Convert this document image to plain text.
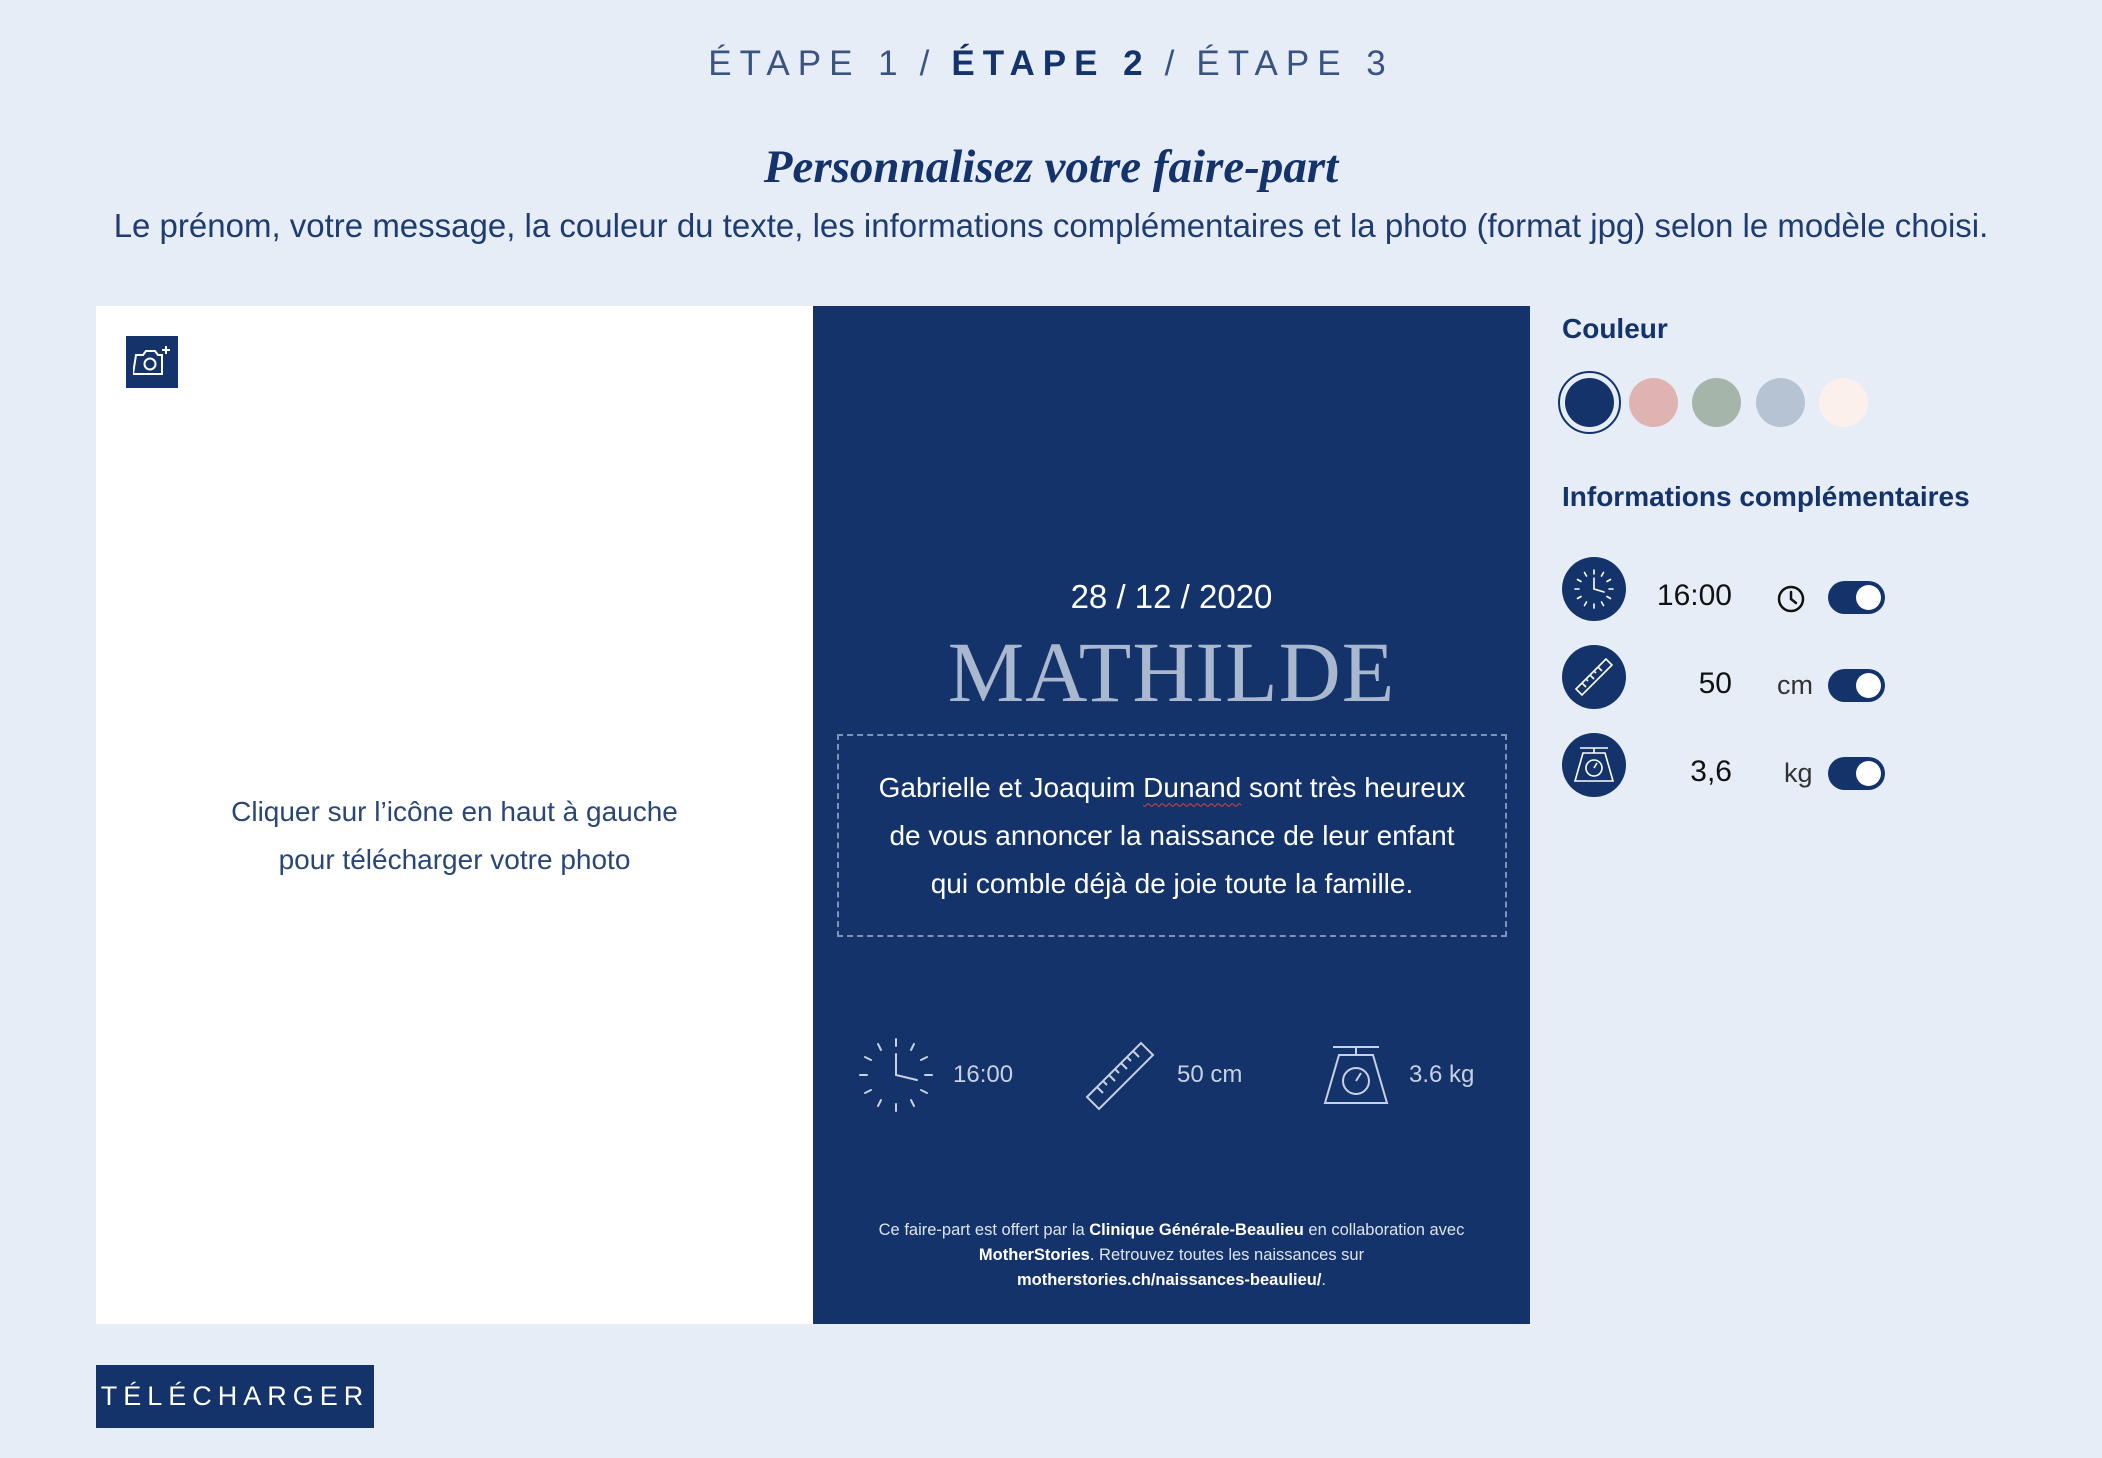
ÉTAPE 1 / ÉTAPE 2 / ÉTAPE 3
Personnalisez votre faire-part

Le prénom, votre message, la couleur du texte, les informations complémentaires et la photo (format jpg) selon le modèle choisi.

Cliquer sur l’icône en haut à gauche
pour télécharger votre photo
28 / 12 / 2020
MATHILDE
Gabrielle et Joaquim Dunand sont très heureux
de vous annoncer la naissance de leur enfant
qui comble déjà de joie toute la famille.
16:00	50 cm	3.6 kg
Ce faire-part est offert par la Clinique Générale-Beaulieu en collaboration avec
MotherStories. Retrouvez toutes les naissances sur
motherstories.ch/naissances-beaulieu/.
Couleur
Informations complémentaires
16:00
50 cm
3,6 kg
TÉLÉCHARGER
